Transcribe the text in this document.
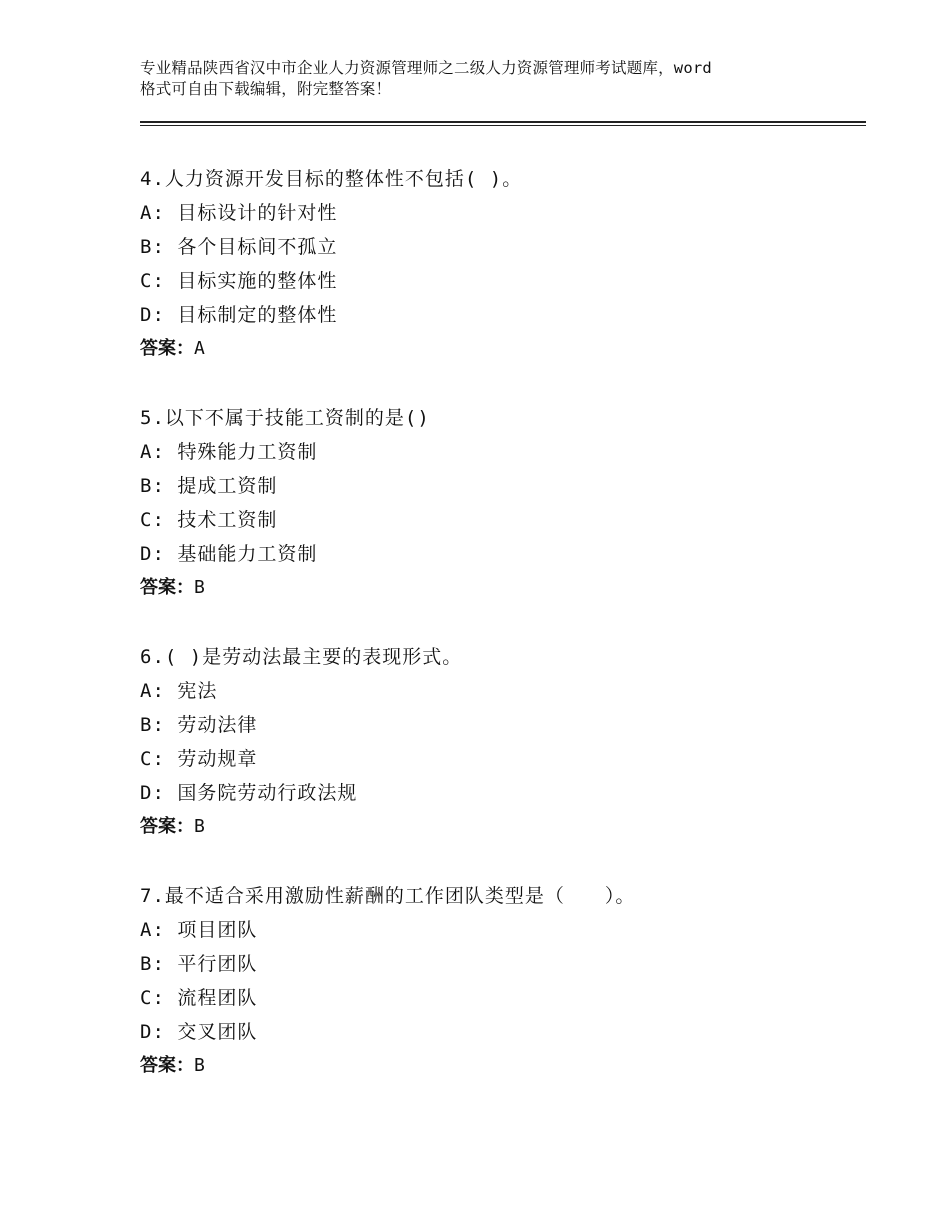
专业精品陕西省汉中市企业人力资源管理师之二级人力资源管理师考试题库，word
格式可自由下载编辑，附完整答案！
4.人力资源开发目标的整体性不包括( )。
A: 目标设计的针对性
B: 各个目标间不孤立
C: 目标实施的整体性
D: 目标制定的整体性
答案：A
5.以下不属于技能工资制的是()
A: 特殊能力工资制
B: 提成工资制
C: 技术工资制
D: 基础能力工资制
答案：B
6.( )是劳动法最主要的表现形式。
A: 宪法
B: 劳动法律
C: 劳动规章
D: 国务院劳动行政法规
答案：B
7.最不适合采用激励性薪酬的工作团队类型是（　　）。
A: 项目团队
B: 平行团队
C: 流程团队
D: 交叉团队
答案：B
